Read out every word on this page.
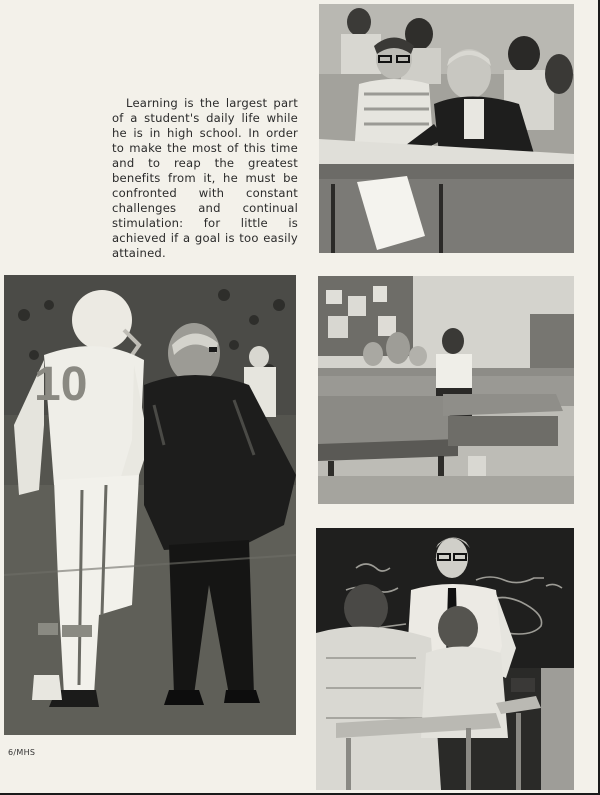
Learning is the largest part of a student's daily life while he is in high school. In order to make the most of this time and to reap the greatest benefits from it, he must be confronted with constant challenges and continual stimulation: for little is achieved if a goal is too easily attained.

10
6/MHS
